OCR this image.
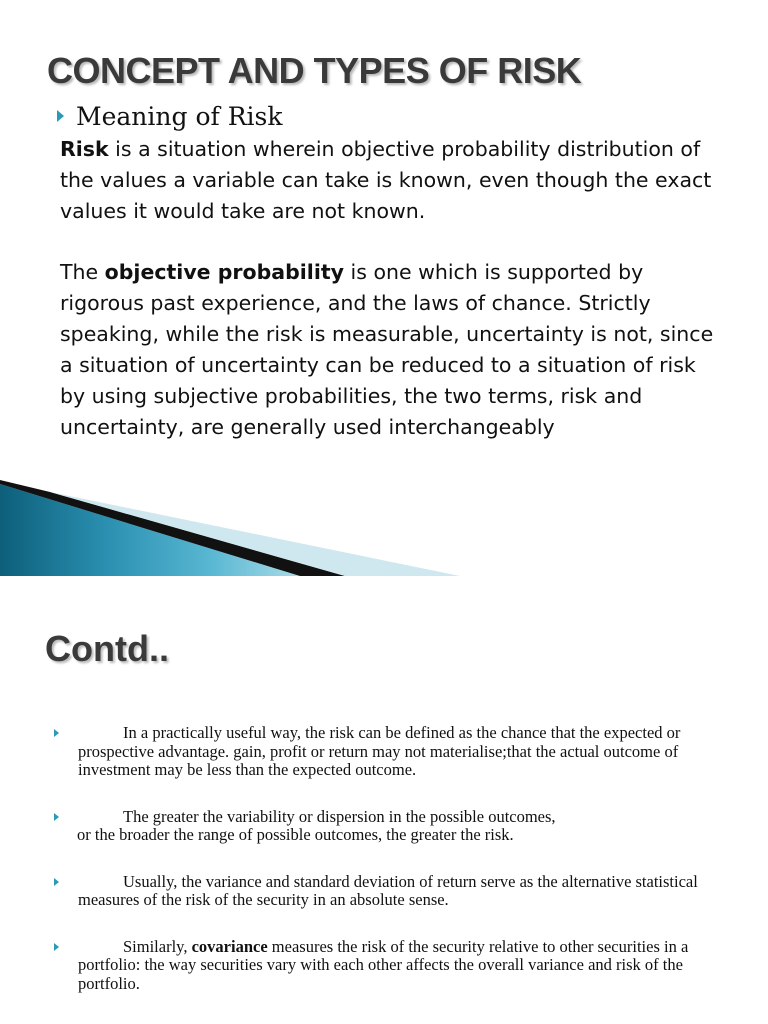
CONCEPT AND TYPES OF RISK
Meaning of Risk

Risk is a situation wherein objective probability distribution of the values a variable can take is known, even though the exact values it would take are not known.

The objective probability is one which is supported by rigorous past experience, and the laws of chance. Strictly speaking, while the risk is measurable, uncertainty is not, since a situation of uncertainty can be reduced to a situation of risk by using subjective probabilities, the two terms, risk and uncertainty, are generally used interchangeably

Contd..
In a practically useful way, the risk can be defined as the chance that the expected or prospective advantage. gain, profit or return may not materialise;that the actual outcome of investment may be less than the expected outcome.
The greater the variability or dispersion in the possible outcomes,
or the broader the range of possible outcomes, the greater the risk.
Usually, the variance and standard deviation of return serve as the alternative statistical measures of the risk of the security in an absolute sense.
Similarly, covariance measures the risk of the security relative to other securities in a portfolio: the way securities vary with each other affects the overall variance and risk of the portfolio.
